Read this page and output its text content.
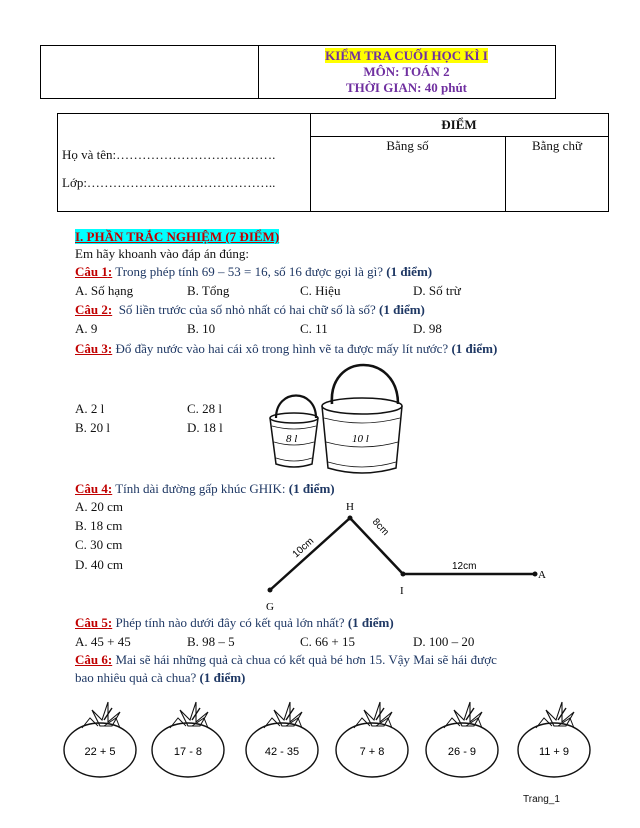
KIỂM TRA CUỐI HỌC KÌ I
MÔN: TOÁN 2
THỜI GIAN: 40 phút
Họ và tên:……………………………….
Lớp:……………………………………..
ĐIỂM
Bằng số	Bằng chữ
I. PHẦN TRẮC NGHIỆM (7 ĐIỂM)
Em hãy khoanh vào đáp án đúng:
Câu 1: Trong phép tính 69 – 53 = 16, số 16 được gọi là gì? (1 điểm)
A. Số hạng	B. Tổng	C. Hiệu	D. Số trừ
Câu 2: Số liền trước của số nhỏ nhất có hai chữ số là số? (1 điểm)
A. 9	B. 10	C. 11	D. 98
Câu 3: Đổ đầy nước vào hai cái xô trong hình vẽ ta được mấy lít nước? (1 điểm)
A. 2 l	C. 28 l
B. 20 l	D. 18 l
8 l	10 l
Câu 4: Tính dài đường gấp khúc GHIK: (1 điểm)
A. 20 cm
B. 18 cm
C. 30 cm
D. 40 cm
H
G
I
A
10cm
8cm
12cm
Câu 5: Phép tính nào dưới đây có kết quả lớn nhất? (1 điểm)
A. 45 + 45	B. 98 – 5	C. 66 + 15	D. 100 – 20
Câu 6: Mai sẽ hái những quả cà chua có kết quả bé hơn 15. Vậy Mai sẽ hái được
bao nhiêu quả cà chua? (1 điểm)
22 + 5	17 - 8	42 - 35	7 + 8	26 - 9	11 + 9
Trang_1
